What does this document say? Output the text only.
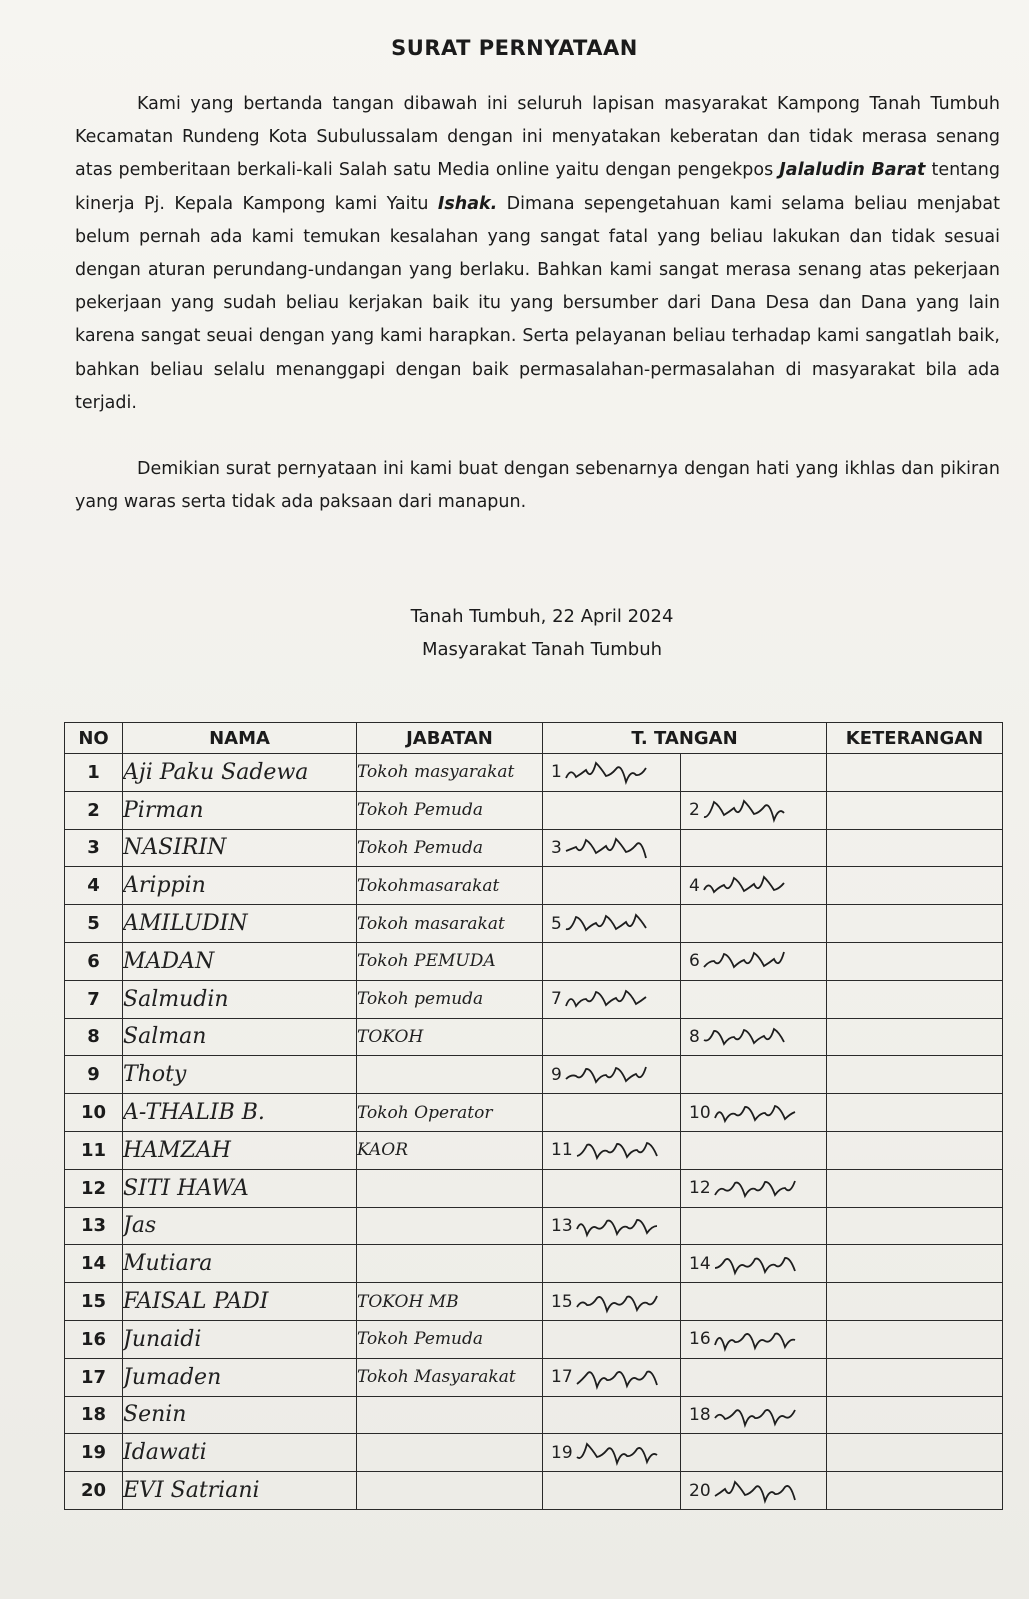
SURAT PERNYATAAN

Kami yang bertanda tangan dibawah ini seluruh lapisan masyarakat Kampong Tanah Tumbuh Kecamatan Rundeng Kota Subulussalam dengan ini menyatakan keberatan dan tidak merasa senang atas pemberitaan berkali-kali Salah satu Media online yaitu dengan pengekpos Jalaludin Barat tentang kinerja Pj. Kepala Kampong kami Yaitu Ishak. Dimana sepengetahuan kami selama beliau menjabat belum pernah ada kami temukan kesalahan yang sangat fatal yang beliau lakukan dan tidak sesuai dengan aturan perundang-undangan yang berlaku. Bahkan kami sangat merasa senang atas pekerjaan pekerjaan yang sudah beliau kerjakan baik itu yang bersumber dari Dana Desa dan Dana yang lain karena sangat seuai dengan yang kami harapkan. Serta pelayanan beliau terhadap kami sangatlah baik, bahkan beliau selalu menanggapi dengan baik permasalahan-permasalahan di masyarakat bila ada terjadi.

Demikian surat pernyataan ini kami buat dengan sebenarnya dengan hati yang ikhlas dan pikiran yang waras serta tidak ada paksaan dari manapun.

Tanah Tumbuh, 22 April 2024
Masyarakat Tanah Tumbuh
NO	NAMA	JABATAN	T. TANGAN		KETERANGAN
1	Aji Paku Sadewa	Tokoh masyarakat	1		
2	Pirman	Tokoh Pemuda		2	
3	NASIRIN	Tokoh Pemuda	3		
4	Arippin	Tokohmasarakat		4	
5	AMILUDIN	Tokoh masarakat	5		
6	MADAN	Tokoh PEMUDA		6	
7	Salmudin	Tokoh pemuda	7		
8	Salman	TOKOH		8	
9	Thoty		9		
10	A-THALIB B.	Tokoh Operator		10	
11	HAMZAH	KAOR	11		
12	SITI HAWA			12	
13	Jas		13		
14	Mutiara			14	
15	FAISAL PADI	TOKOH MB	15		
16	Junaidi	Tokoh Pemuda		16	
17	Jumaden	Tokoh Masyarakat	17		
18	Senin			18	
19	Idawati		19		
20	EVI Satriani			20	
